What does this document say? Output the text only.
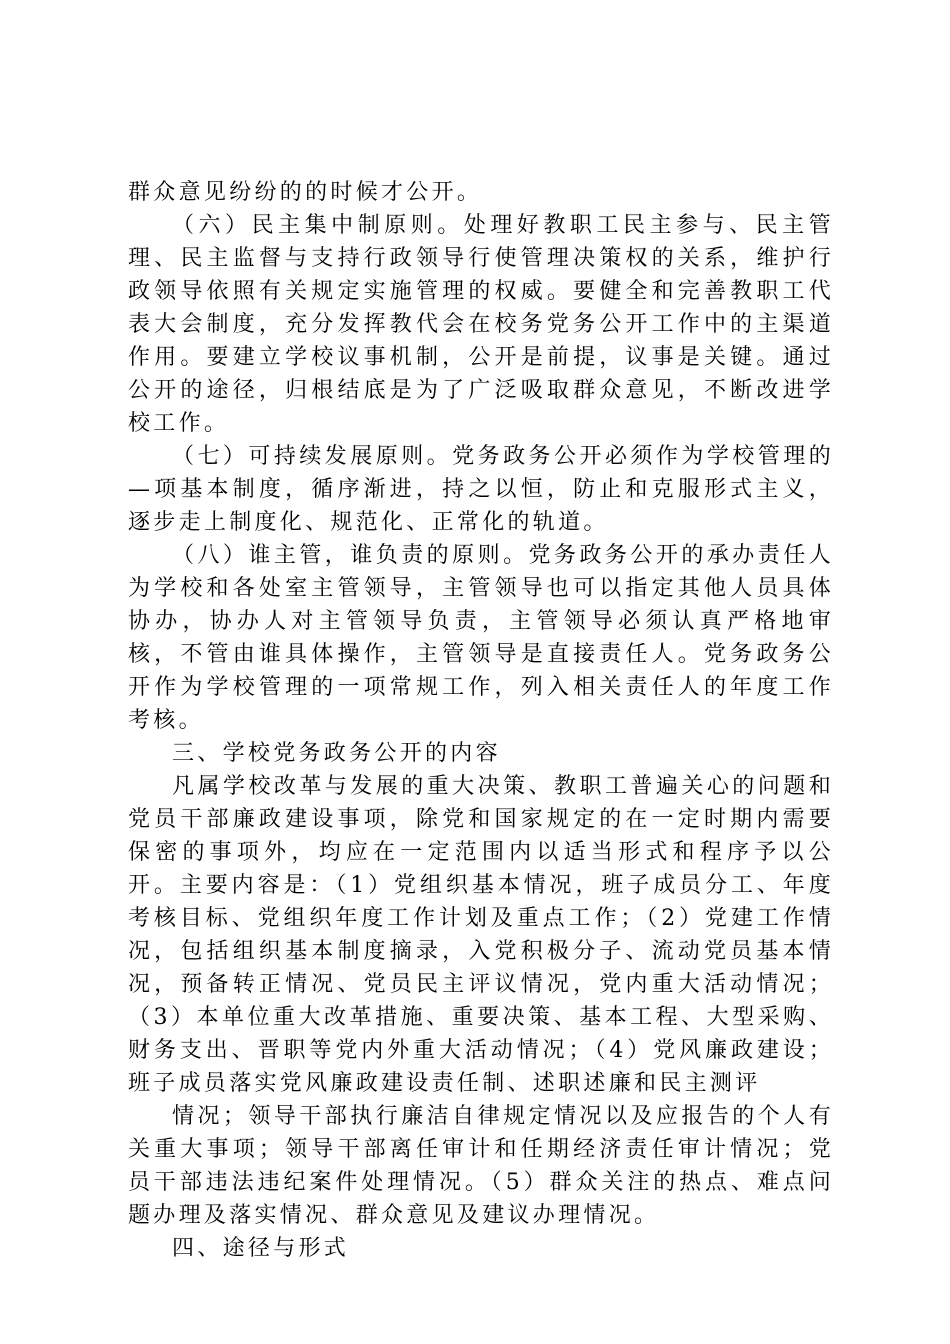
群众意见纷纷的的时候才公开。

（六）民主集中制原则。处理好教职工民主参与、民主管理、民主监督与支持行政领导行使管理决策权的关系，维护行政领导依照有关规定实施管理的权威。要健全和完善教职工代表大会制度，充分发挥教代会在校务党务公开工作中的主渠道作用。要建立学校议事机制，公开是前提，议事是关键。通过公开的途径，归根结底是为了广泛吸取群众意见，不断改进学校工作。

（七）可持续发展原则。党务政务公开必须作为学校管理的—项基本制度，循序渐进，持之以恒，防止和克服形式主义，逐步走上制度化、规范化、正常化的轨道。

（八）谁主管，谁负责的原则。党务政务公开的承办责任人为学校和各处室主管领导，主管领导也可以指定其他人员具体协办，协办人对主管领导负责，主管领导必须认真严格地审核，不管由谁具体操作，主管领导是直接责任人。党务政务公开作为学校管理的一项常规工作，列入相关责任人的年度工作考核。

三、学校党务政务公开的内容

凡属学校改革与发展的重大决策、教职工普遍关心的问题和党员干部廉政建设事项，除党和国家规定的在一定时期内需要保密的事项外，均应在一定范围内以适当形式和程序予以公开。主要内容是：（1）党组织基本情况，班子成员分工、年度考核目标、党组织年度工作计划及重点工作；（2）党建工作情况，包括组织基本制度摘录，入党积极分子、流动党员基本情况，预备转正情况、党员民主评议情况，党内重大活动情况；（3）本单位重大改革措施、重要决策、基本工程、大型采购、财务支出、晋职等党内外重大活动情况；（4）党风廉政建设；班子成员落实党风廉政建设责任制、述职述廉和民主测评

情况；领导干部执行廉洁自律规定情况以及应报告的个人有关重大事项；领导干部离任审计和任期经济责任审计情况；党员干部违法违纪案件处理情况。（5）群众关注的热点、难点问题办理及落实情况、群众意见及建议办理情况。

四、途径与形式
